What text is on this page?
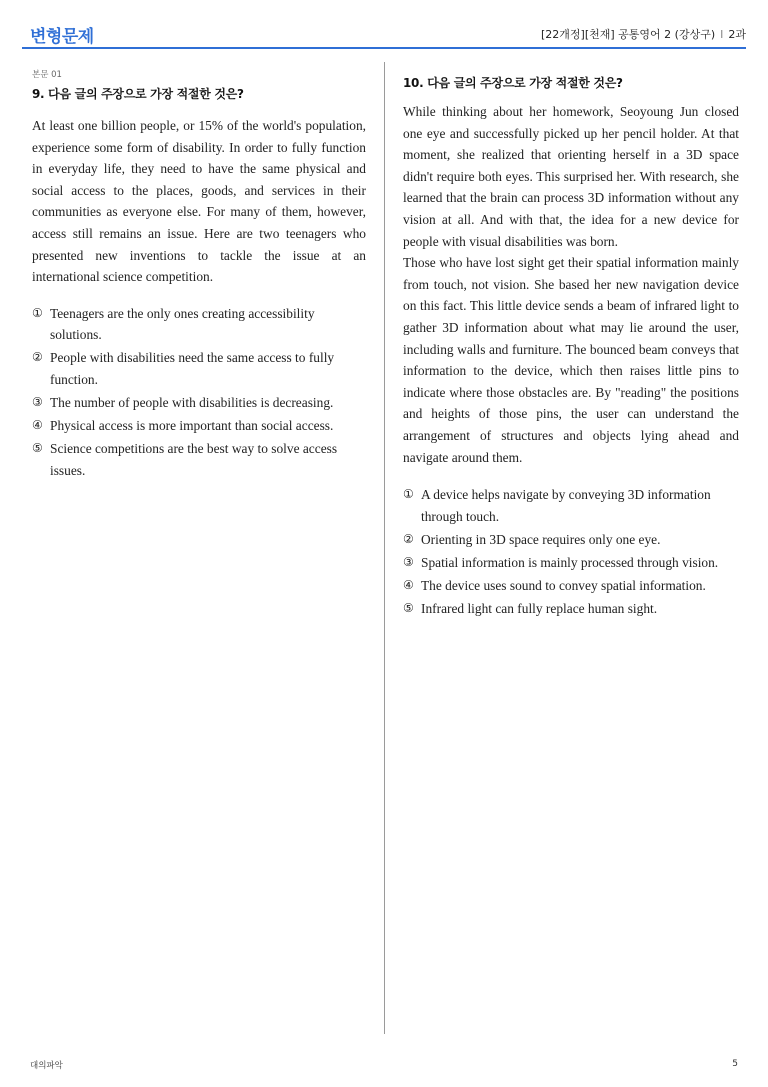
변형문제	[22개정][천재] 공통영어 2 (강상구) I 2과
본문 01
9. 다음 글의 주장으로 가장 적절한 것은?

At least one billion people, or 15% of the world's population, experience some form of disability. In order to fully function in everyday life, they need to have the same physical and social access to the places, goods, and services in their communities as everyone else. For many of them, however, access still remains an issue. Here are two teenagers who presented new inventions to tackle the issue at an international science competition.

① Teenagers are the only ones creating accessibility solutions.
② People with disabilities need the same access to fully function.
③ The number of people with disabilities is decreasing.
④ Physical access is more important than social access.
⑤ Science competitions are the best way to solve access issues.
10. 다음 글의 주장으로 가장 적절한 것은?

While thinking about her homework, Seoyoung Jun closed one eye and successfully picked up her pencil holder. At that moment, she realized that orienting herself in a 3D space didn't require both eyes. This surprised her. With research, she learned that the brain can process 3D information without any vision at all. And with that, the idea for a new device for people with visual disabilities was born.

Those who have lost sight get their spatial information mainly from touch, not vision. She based her new navigation device on this fact. This little device sends a beam of infrared light to gather 3D information about what may lie around the user, including walls and furniture. The bounced beam conveys that information to the device, which then raises little pins to indicate where those obstacles are. By "reading" the positions and heights of those pins, the user can understand the arrangement of structures and objects lying ahead and navigate around them.

① A device helps navigate by conveying 3D information through touch.
② Orienting in 3D space requires only one eye.
③ Spatial information is mainly processed through vision.
④ The device uses sound to convey spatial information.
⑤ Infrared light can fully replace human sight.
대의파악	5
